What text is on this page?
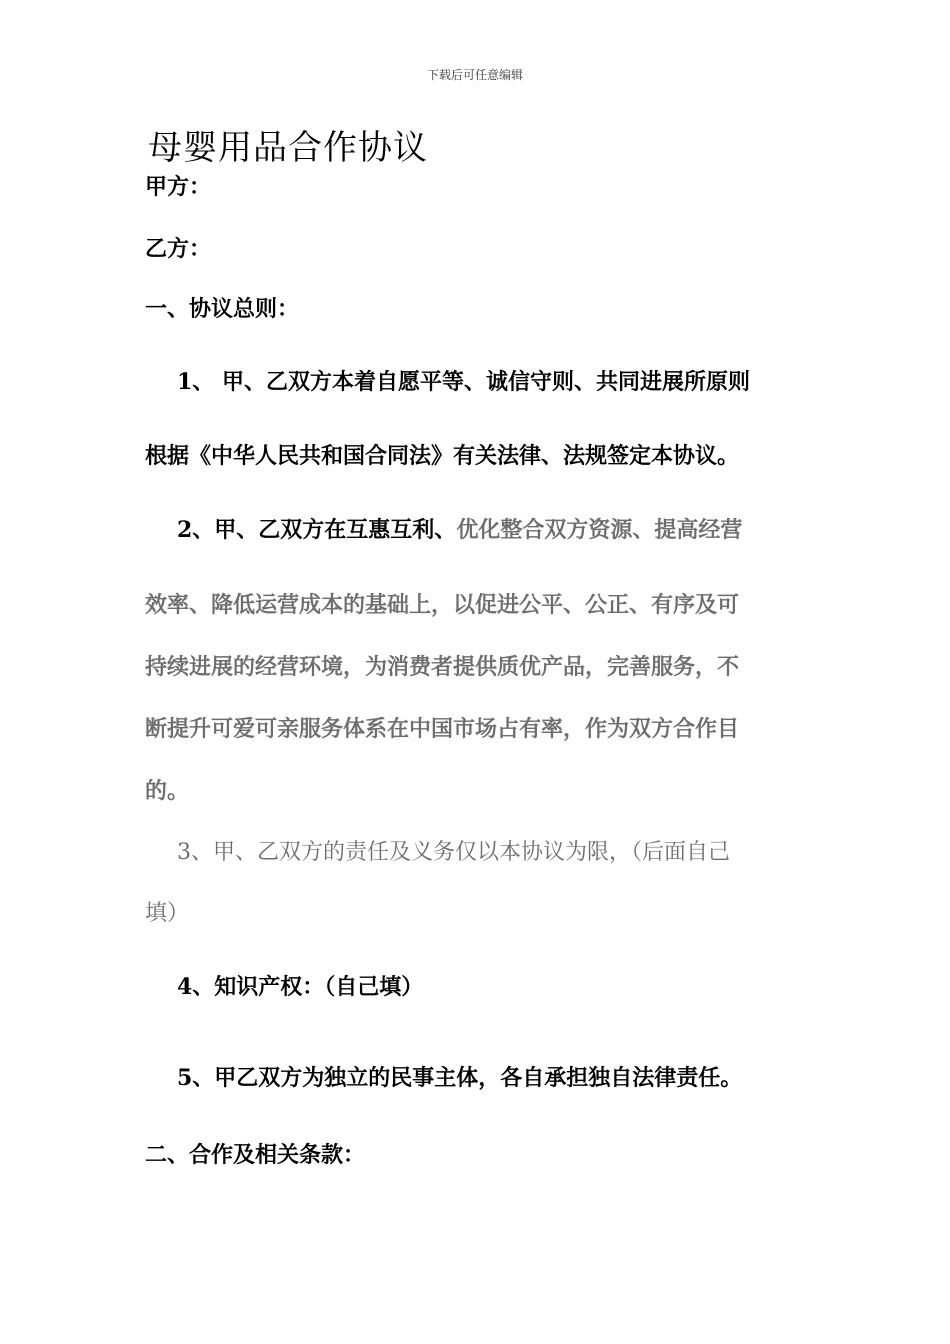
下载后可任意编辑
母婴用品合作协议
甲方：
乙方：
一、协议总则：
1、 甲、乙双方本着自愿平等、诚信守则、共同进展所原则
根据《中华人民共和国合同法》有关法律、法规签定本协议。
2、甲、乙双方在互惠互利、优化整合双方资源、提高经营
效率、降低运营成本的基础上，以促进公平、公正、有序及可
持续进展的经营环境，为消费者提供质优产品，完善服务，不
断提升可爱可亲服务体系在中国市场占有率，作为双方合作目
的。
3、甲、乙双方的责任及义务仅以本协议为限，（后面自己
填）
4、知识产权：（自己填）
5、甲乙双方为独立的民事主体，各自承担独自法律责任。
二、合作及相关条款：
